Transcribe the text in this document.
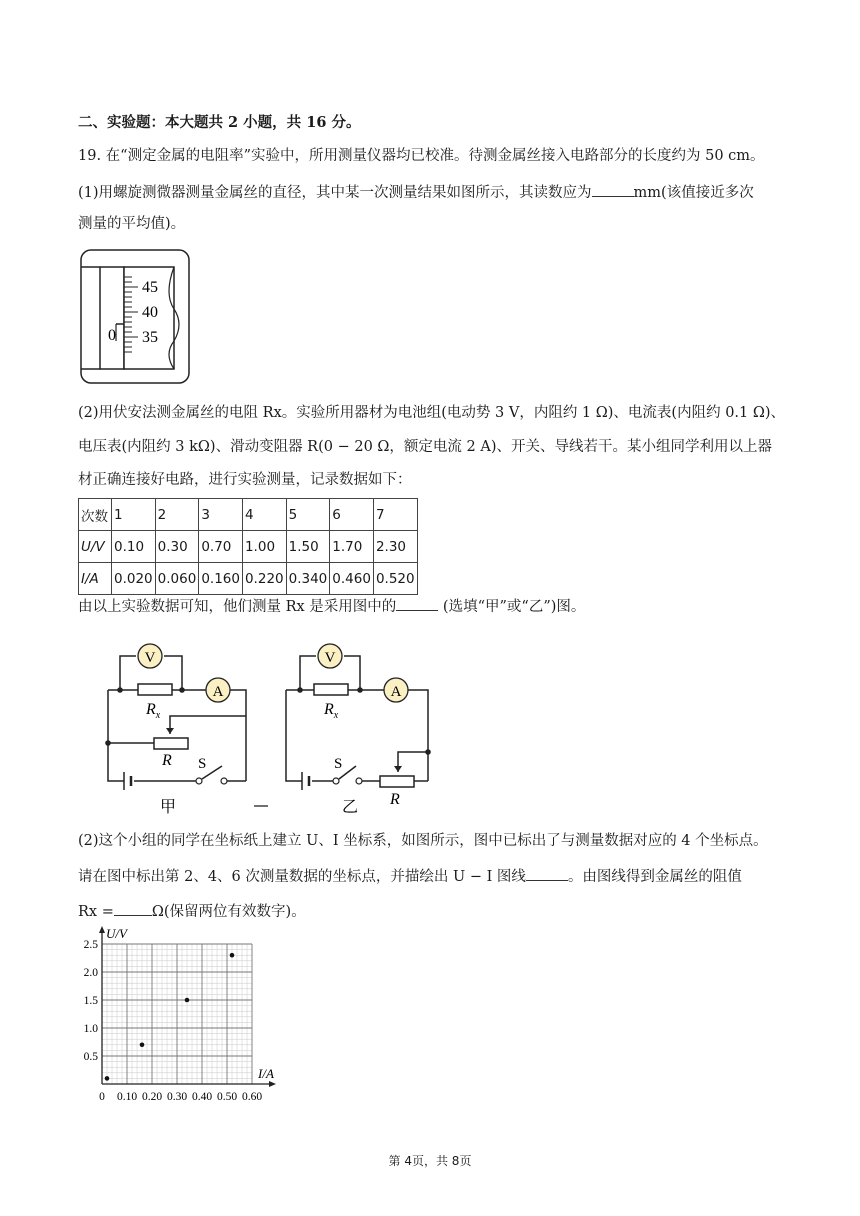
二、实验题：本大题共 2 小题，共 16 分。
19. 在“测定金属的电阻率”实验中，所用测量仪器均已校准。待测金属丝接入电路部分的长度约为 50 cm。
(1)用螺旋测微器测量金属丝的直径，其中某一次测量结果如图所示，其读数应为	mm(该值接近多次
测量的平均值)。
0
45
40
35
(2)用伏安法测金属丝的电阻 Rx。实验所用器材为电池组(电动势 3 V，内阻约 1 Ω)、电流表(内阻约 0.1 Ω)、
电压表(内阻约 3 kΩ)、滑动变阻器 R(0 − 20 Ω，额定电流 2 A)、开关、导线若干。某小组同学利用以上器
材正确连接好电路，进行实验测量，记录数据如下：
次数	1	2	3	4	5	6	7
U/V	0.10	0.30	0.70	1.00	1.50	1.70	2.30
I/A	0.020	0.060	0.160	0.220	0.340	0.460	0.520
由以上实验数据可知，他们测量 Rx 是采用图中的	(选填“甲”或“乙”)图。
V
A
$R_x$
R S
甲
V
A
$R_x$
S
R
乙
(2)这个小组的同学在坐标纸上建立 U、I 坐标系，如图所示，图中已标出了与测量数据对应的 4 个坐标点。
请在图中标出第 2、4、6 次测量数据的坐标点，并描绘出 U − I 图线	。由图线得到金属丝的阻值
Rx =	Ω(保留两位有效数字)。
0 0.10 0.20 0.30 0.40 0.50 0.60
0.5
1.0
1.5
2.0
2.5
U/V
I/A
第 4页，共 8页
